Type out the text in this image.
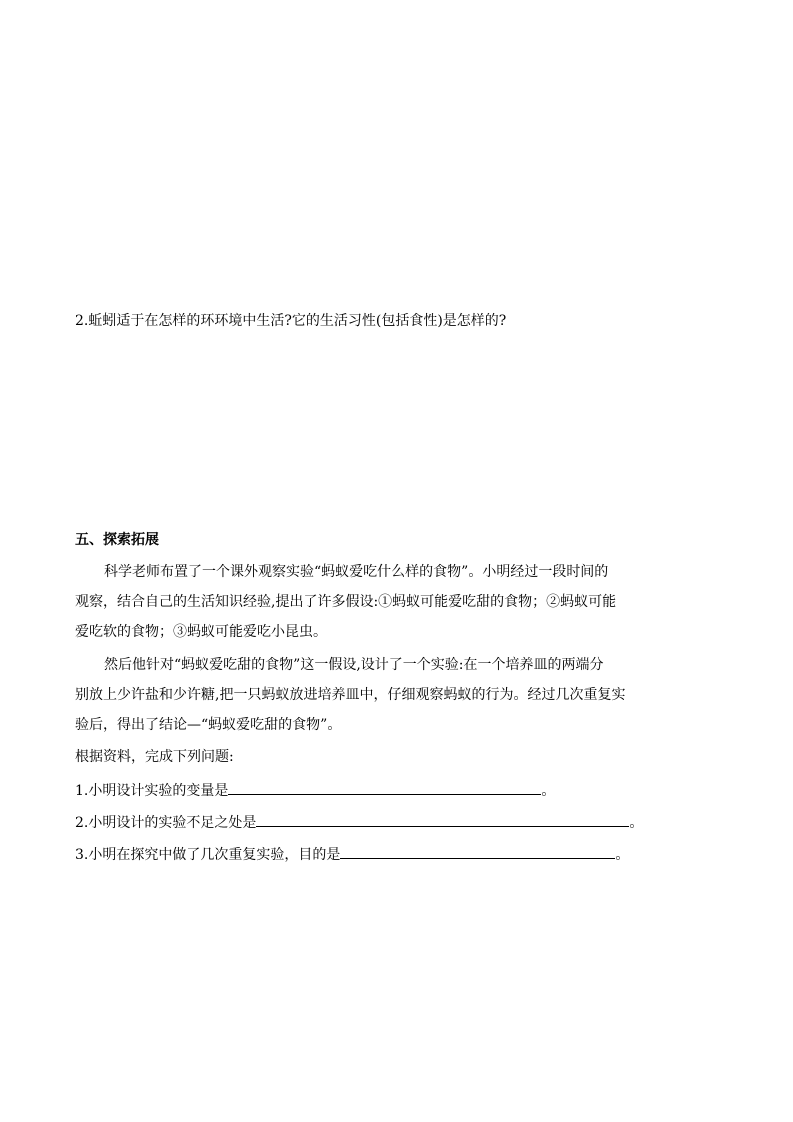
2.蚯蚓适于在怎样的环环境中生活?它的生活习性(包括食性)是怎样的?
五、探索拓展
科学老师布置了一个课外观察实验“蚂蚁爱吃什么样的食物”。小明经过一段时间的
观察，结合自己的生活知识经验,提出了许多假设:①蚂蚁可能爱吃甜的食物；②蚂蚁可能
爱吃软的食物；③蚂蚁可能爱吃小昆虫。
然后他针对“蚂蚁爱吃甜的食物”这一假设,设计了一个实验:在一个培养皿的两端分
别放上少许盐和少许糖,把一只蚂蚁放进培养皿中，仔细观察蚂蚁的行为。经过几次重复实
验后，得出了结论—“蚂蚁爱吃甜的食物”。
根据资料，完成下列问题:
1.小明设计实验的变量是	。
2.小明设计的实验不足之处是	。
3.小明在探究中做了几次重复实验，目的是	。
